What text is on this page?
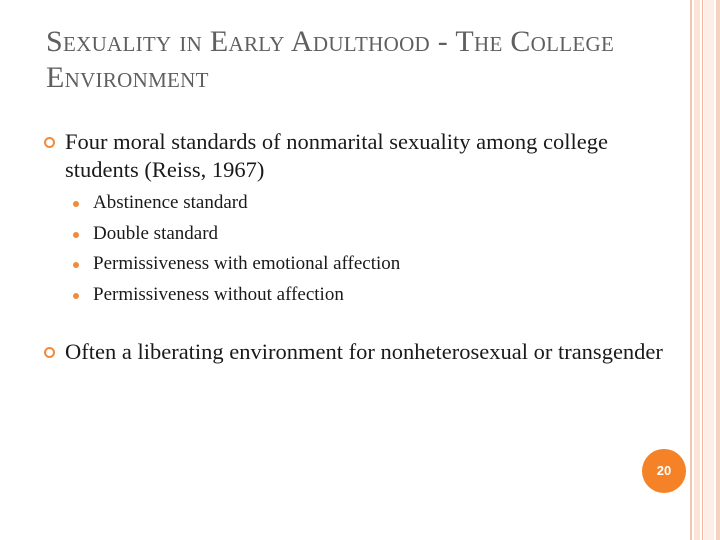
Sexuality in Early Adulthood - The College Environment
Four moral standards of nonmarital sexuality among college students (Reiss, 1967)
Abstinence standard
Double standard
Permissiveness with emotional affection
Permissiveness without affection
Often a liberating environment for nonheterosexual or transgender
20
